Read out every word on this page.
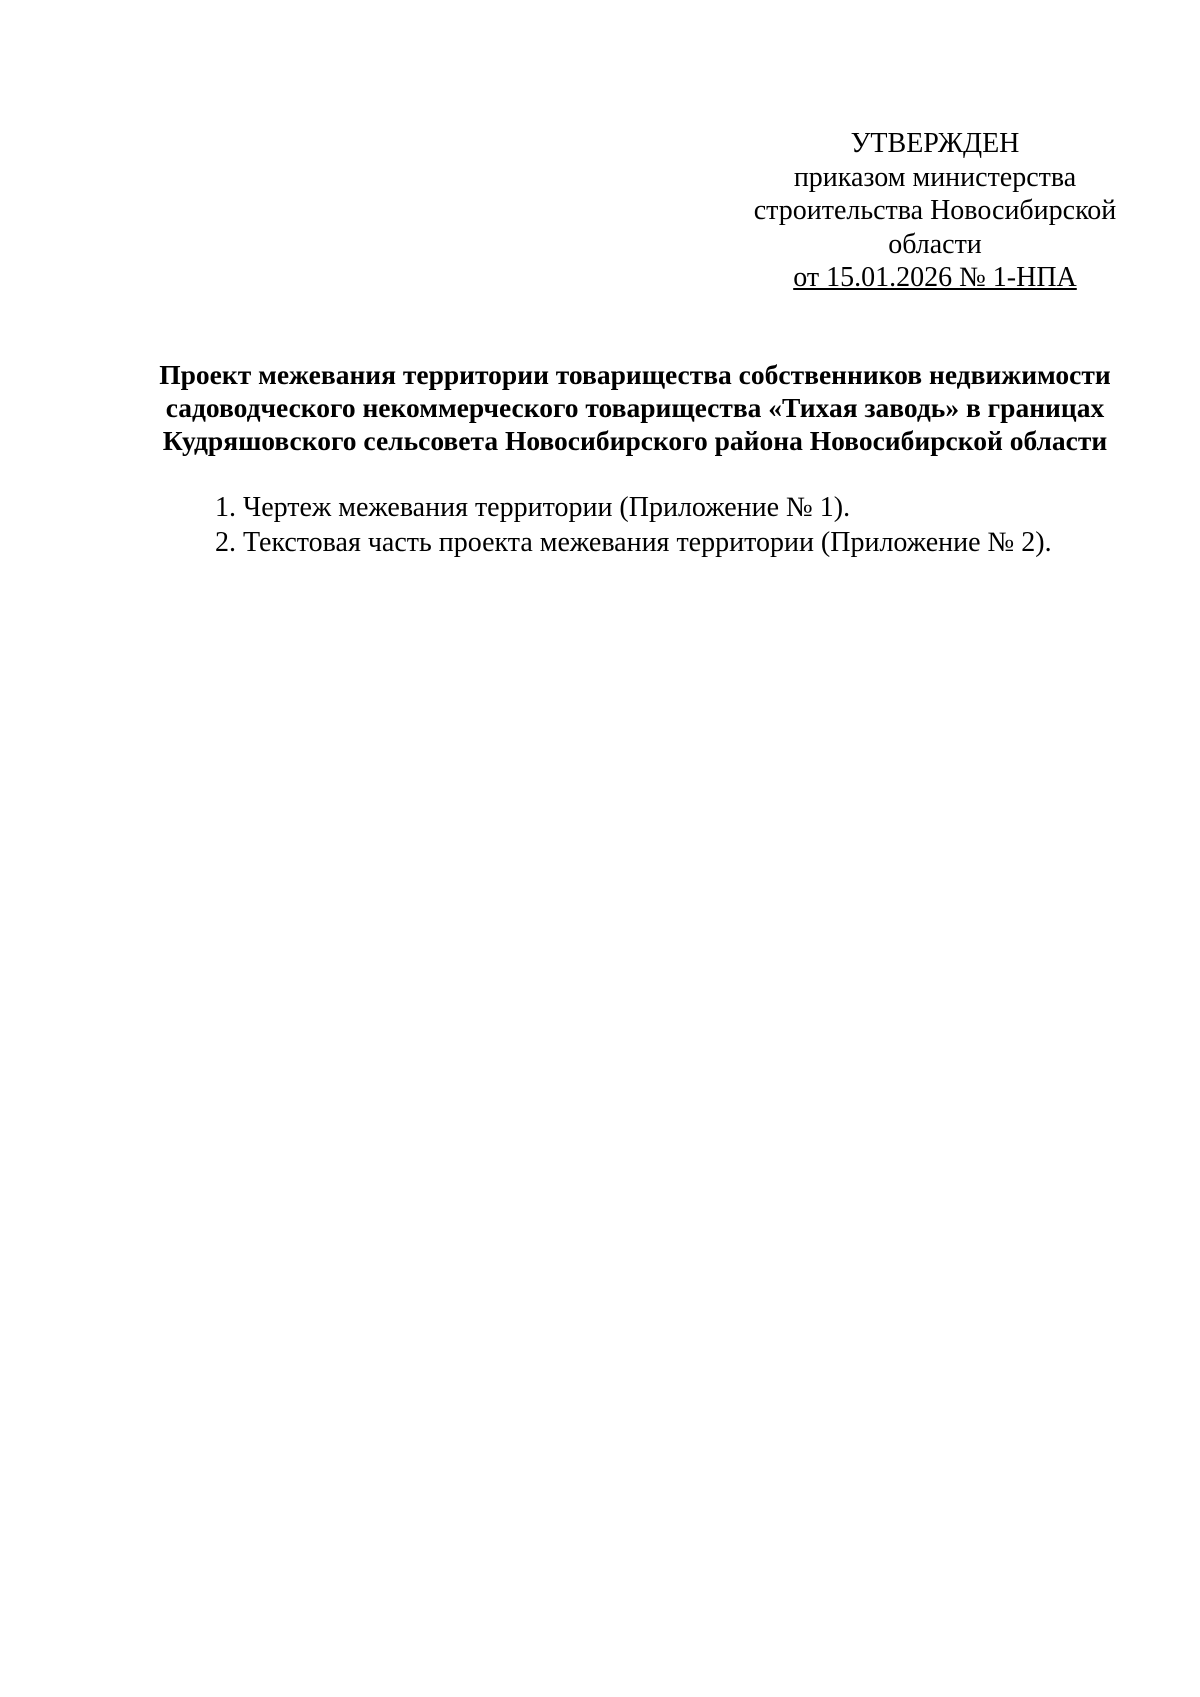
УТВЕРЖДЕН
приказом министерства
строительства Новосибирской
области
от 15.01.2026 № 1-НПА
Проект межевания территории товарищества собственников недвижимости
садоводческого некоммерческого товарищества «Тихая заводь» в границах
Кудряшовского сельсовета Новосибирского района Новосибирской области
1. Чертеж межевания территории (Приложение № 1).
2. Текстовая часть проекта межевания территории (Приложение № 2).
